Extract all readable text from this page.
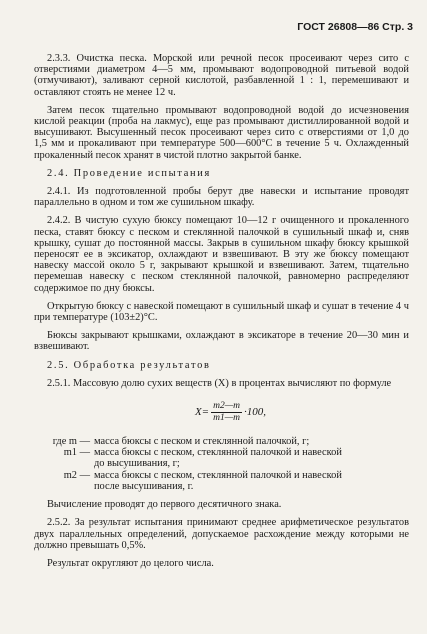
ГОСТ 26808—86 Стр. 3

2.3.3. Очистка песка. Морской или речной песок просеивают через сито с отверстиями диаметром 4—5 мм, промывают водопроводной питьевой водой (отмучивают), заливают серной кислотой, разбавленной 1 : 1, перемешивают и оставляют стоять не менее 12 ч.

Затем песок тщательно промывают водопроводной водой до исчезновения кислой реакции (проба на лакмус), еще раз промывают дистиллированной водой и высушивают. Высушенный песок просеивают через сито с отверстиями от 1,0 до 1,5 мм и прокаливают при температуре 500—600°С в течение 5 ч. Охлажденный прокаленный песок хранят в чистой плотно закрытой банке.

2.4. Проведение испытания

2.4.1. Из подготовленной пробы берут две навески и испытание проводят параллельно в одном и том же сушильном шкафу.

2.4.2. В чистую сухую бюксу помещают 10—12 г очищенного и прокаленного песка, ставят бюксу с песком и стеклянной палочкой в сушильный шкаф и, сняв крышку, сушат до постоянной массы. Закрыв в сушильном шкафу бюксу крышкой переносят ее в эксикатор, охлаждают и взвешивают. В эту же бюксу помещают навеску массой около 5 г, закрывают крышкой и взвешивают. Затем, тщательно перемешав навеску с песком стеклянной палочкой, равномерно распределяют содержимое по дну бюксы.

Открытую бюксу с навеской помещают в сушильный шкаф и сушат в течение 4 ч при температуре (103±2)°С.

Бюксы закрывают крышками, охлаждают в эксикаторе в течение 20—30 мин и взвешивают.

2.5. Обработка результатов

2.5.1. Массовую долю сухих веществ (X) в процентах вычисляют по формуле

$X= \frac{m2—m}{m1—m} \cdot 100$,
где m — масса бюксы с песком и стеклянной палочкой, г;
m1 — масса бюксы с песком, стеклянной палочкой и навеской
до высушивания, г;
m2 — масса бюксы с песком, стеклянной палочкой и навеской
после высушивания, г.

Вычисление проводят до первого десятичного знака.

2.5.2. За результат испытания принимают среднее арифметическое результатов двух параллельных определений, допускаемое расхождение между которыми не должно превышать 0,5%.

Результат округляют до целого числа.
